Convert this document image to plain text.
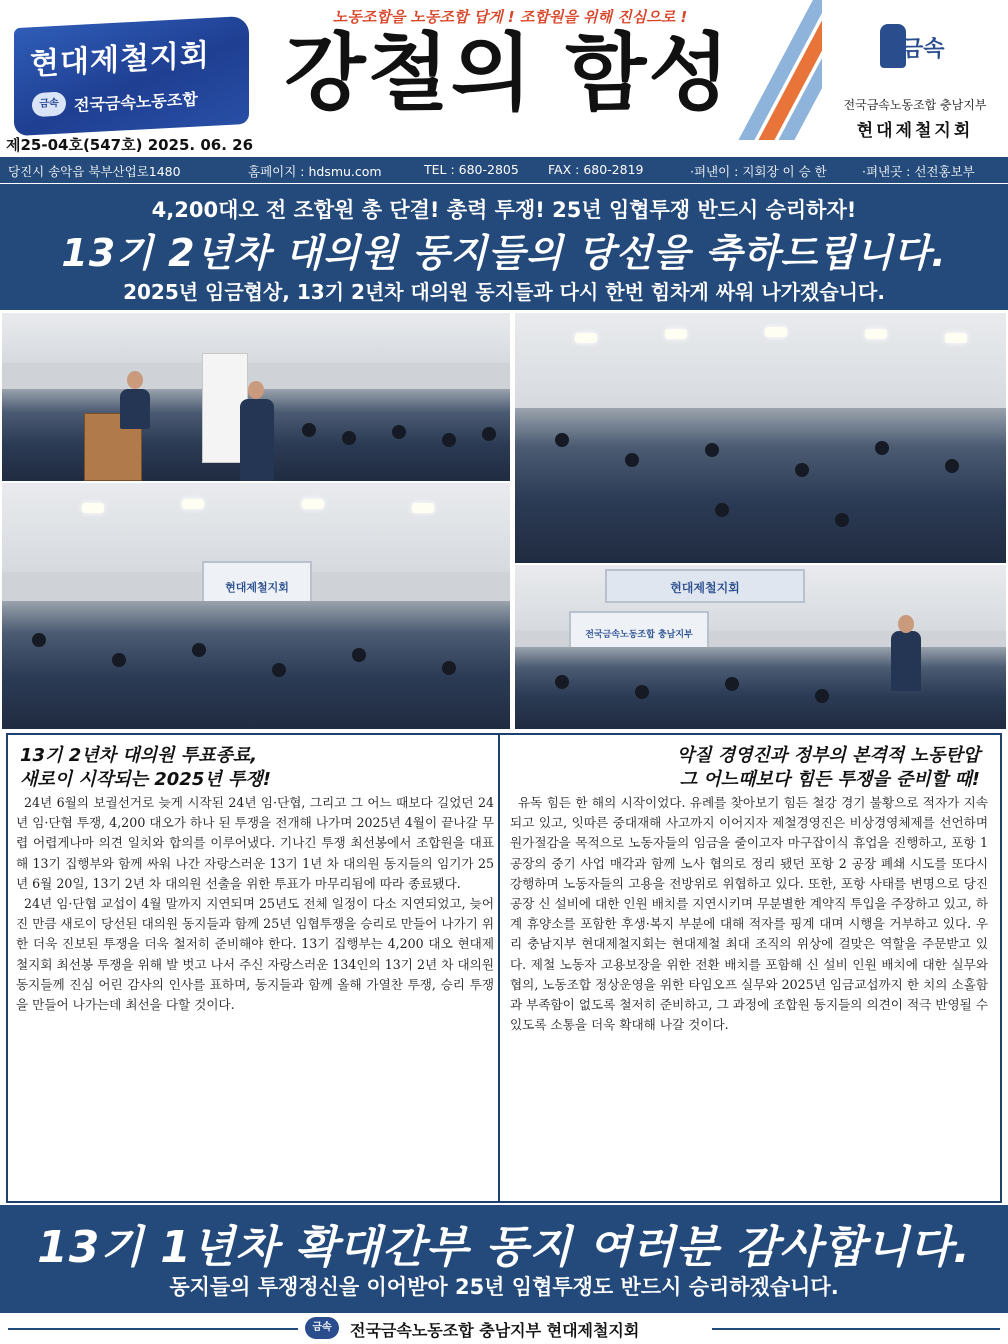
노동조합을 노동조합 답게 ! 조합원을 위해 진심으로 !
현대제철지회
금속 전국금속노동조합	강철의 함성	금속
전국금속노동조합 충남지부
현대제철지회
제25-04호(547호) 2025. 06. 26
당진시 송악읍 북부산업로1480	홈페이지 : hdsmu.com	TEL : 680-2805 FAX : 680-2819	·펴낸이 : 지회장 이 승 한	·펴낸곳 : 선전홍보부
4,200대오 전 조합원 총 단결! 총력 투쟁! 25년 임협투쟁 반드시 승리하자!
13기 2년차 대의원 동지들의 당선을 축하드립니다.
2025년 임금협상, 13기 2년차 대의원 동지들과 다시 한번 힘차게 싸워 나가겠습니다.
현대제철지회	현대제철지회
전국금속노동조합 충남지부
13기 2년차 대의원 투표종료,
새로이 시작되는 2025년 투쟁!

24년 6월의 보궐선거로 늦게 시작된 24년 임·단협, 그리고 그 어느 때보다 길었던 24년 임·단협 투쟁, 4,200 대오가 하나 된 투쟁을 전개해 나가며 2025년 4월이 끝나갈 무렵 어렵게나마 의견 일치와 합의를 이루어냈다. 기나긴 투쟁 최선봉에서 조합원을 대표해 13기 집행부와 함께 싸워 나간 자랑스러운 13기 1년 차 대의원 동지들의 임기가 25년 6월 20일, 13기 2년 차 대의원 선출을 위한 투표가 마무리됨에 따라 종료됐다.

24년 임·단협 교섭이 4월 말까지 지연되며 25년도 전체 일정이 다소 지연되었고, 늦어진 만큼 새로이 당선된 대의원 동지들과 함께 25년 임협투쟁을 승리로 만들어 나가기 위한 더욱 진보된 투쟁을 더욱 철저히 준비해야 한다. 13기 집행부는 4,200 대오 현대제철지회 최선봉 투쟁을 위해 발 벗고 나서 주신 자랑스러운 134인의 13기 2년 차 대의원 동지들께 진심 어린 감사의 인사를 표하며, 동지들과 함께 올해 가열찬 투쟁, 승리 투쟁을 만들어 나가는데 최선을 다할 것이다.

악질 경영진과 정부의 본격적 노동탄압
그 어느때보다 힘든 투쟁을 준비할 때!

유독 힘든 한 해의 시작이었다. 유례를 찾아보기 힘든 철강 경기 불황으로 적자가 지속되고 있고, 잇따른 중대재해 사고까지 이어지자 제철경영진은 비상경영체제를 선언하며 원가절감을 목적으로 노동자들의 임금을 줄이고자 마구잡이식 휴업을 진행하고, 포항 1 공장의 중기 사업 매각과 함께 노사 협의로 정리 됐던 포항 2 공장 폐쇄 시도를 또다시 강행하며 노동자들의 고용을 전방위로 위협하고 있다. 또한, 포항 사태를 변명으로 당진 공장 신 설비에 대한 인원 배치를 지연시키며 무분별한 계약직 투입을 주장하고 있고, 하계 휴양소를 포함한 후생·복지 부분에 대해 적자를 핑계 대며 시행을 거부하고 있다. 우리 충남지부 현대제철지회는 현대제철 최대 조직의 위상에 걸맞은 역할을 주문받고 있다. 제철 노동자 고용보장을 위한 전환 배치를 포함해 신 설비 인원 배치에 대한 실무와 협의, 노동조합 정상운영을 위한 타임오프 실무와 2025년 임금교섭까지 한 치의 소홀함과 부족함이 없도록 철저히 준비하고, 그 과정에 조합원 동지들의 의견이 적극 반영될 수 있도록 소통을 더욱 확대해 나갈 것이다.

13기 1년차 확대간부 동지 여러분 감사합니다.
동지들의 투쟁정신을 이어받아 25년 임협투쟁도 반드시 승리하겠습니다.
금속	전국금속노동조합 충남지부 현대제철지회
